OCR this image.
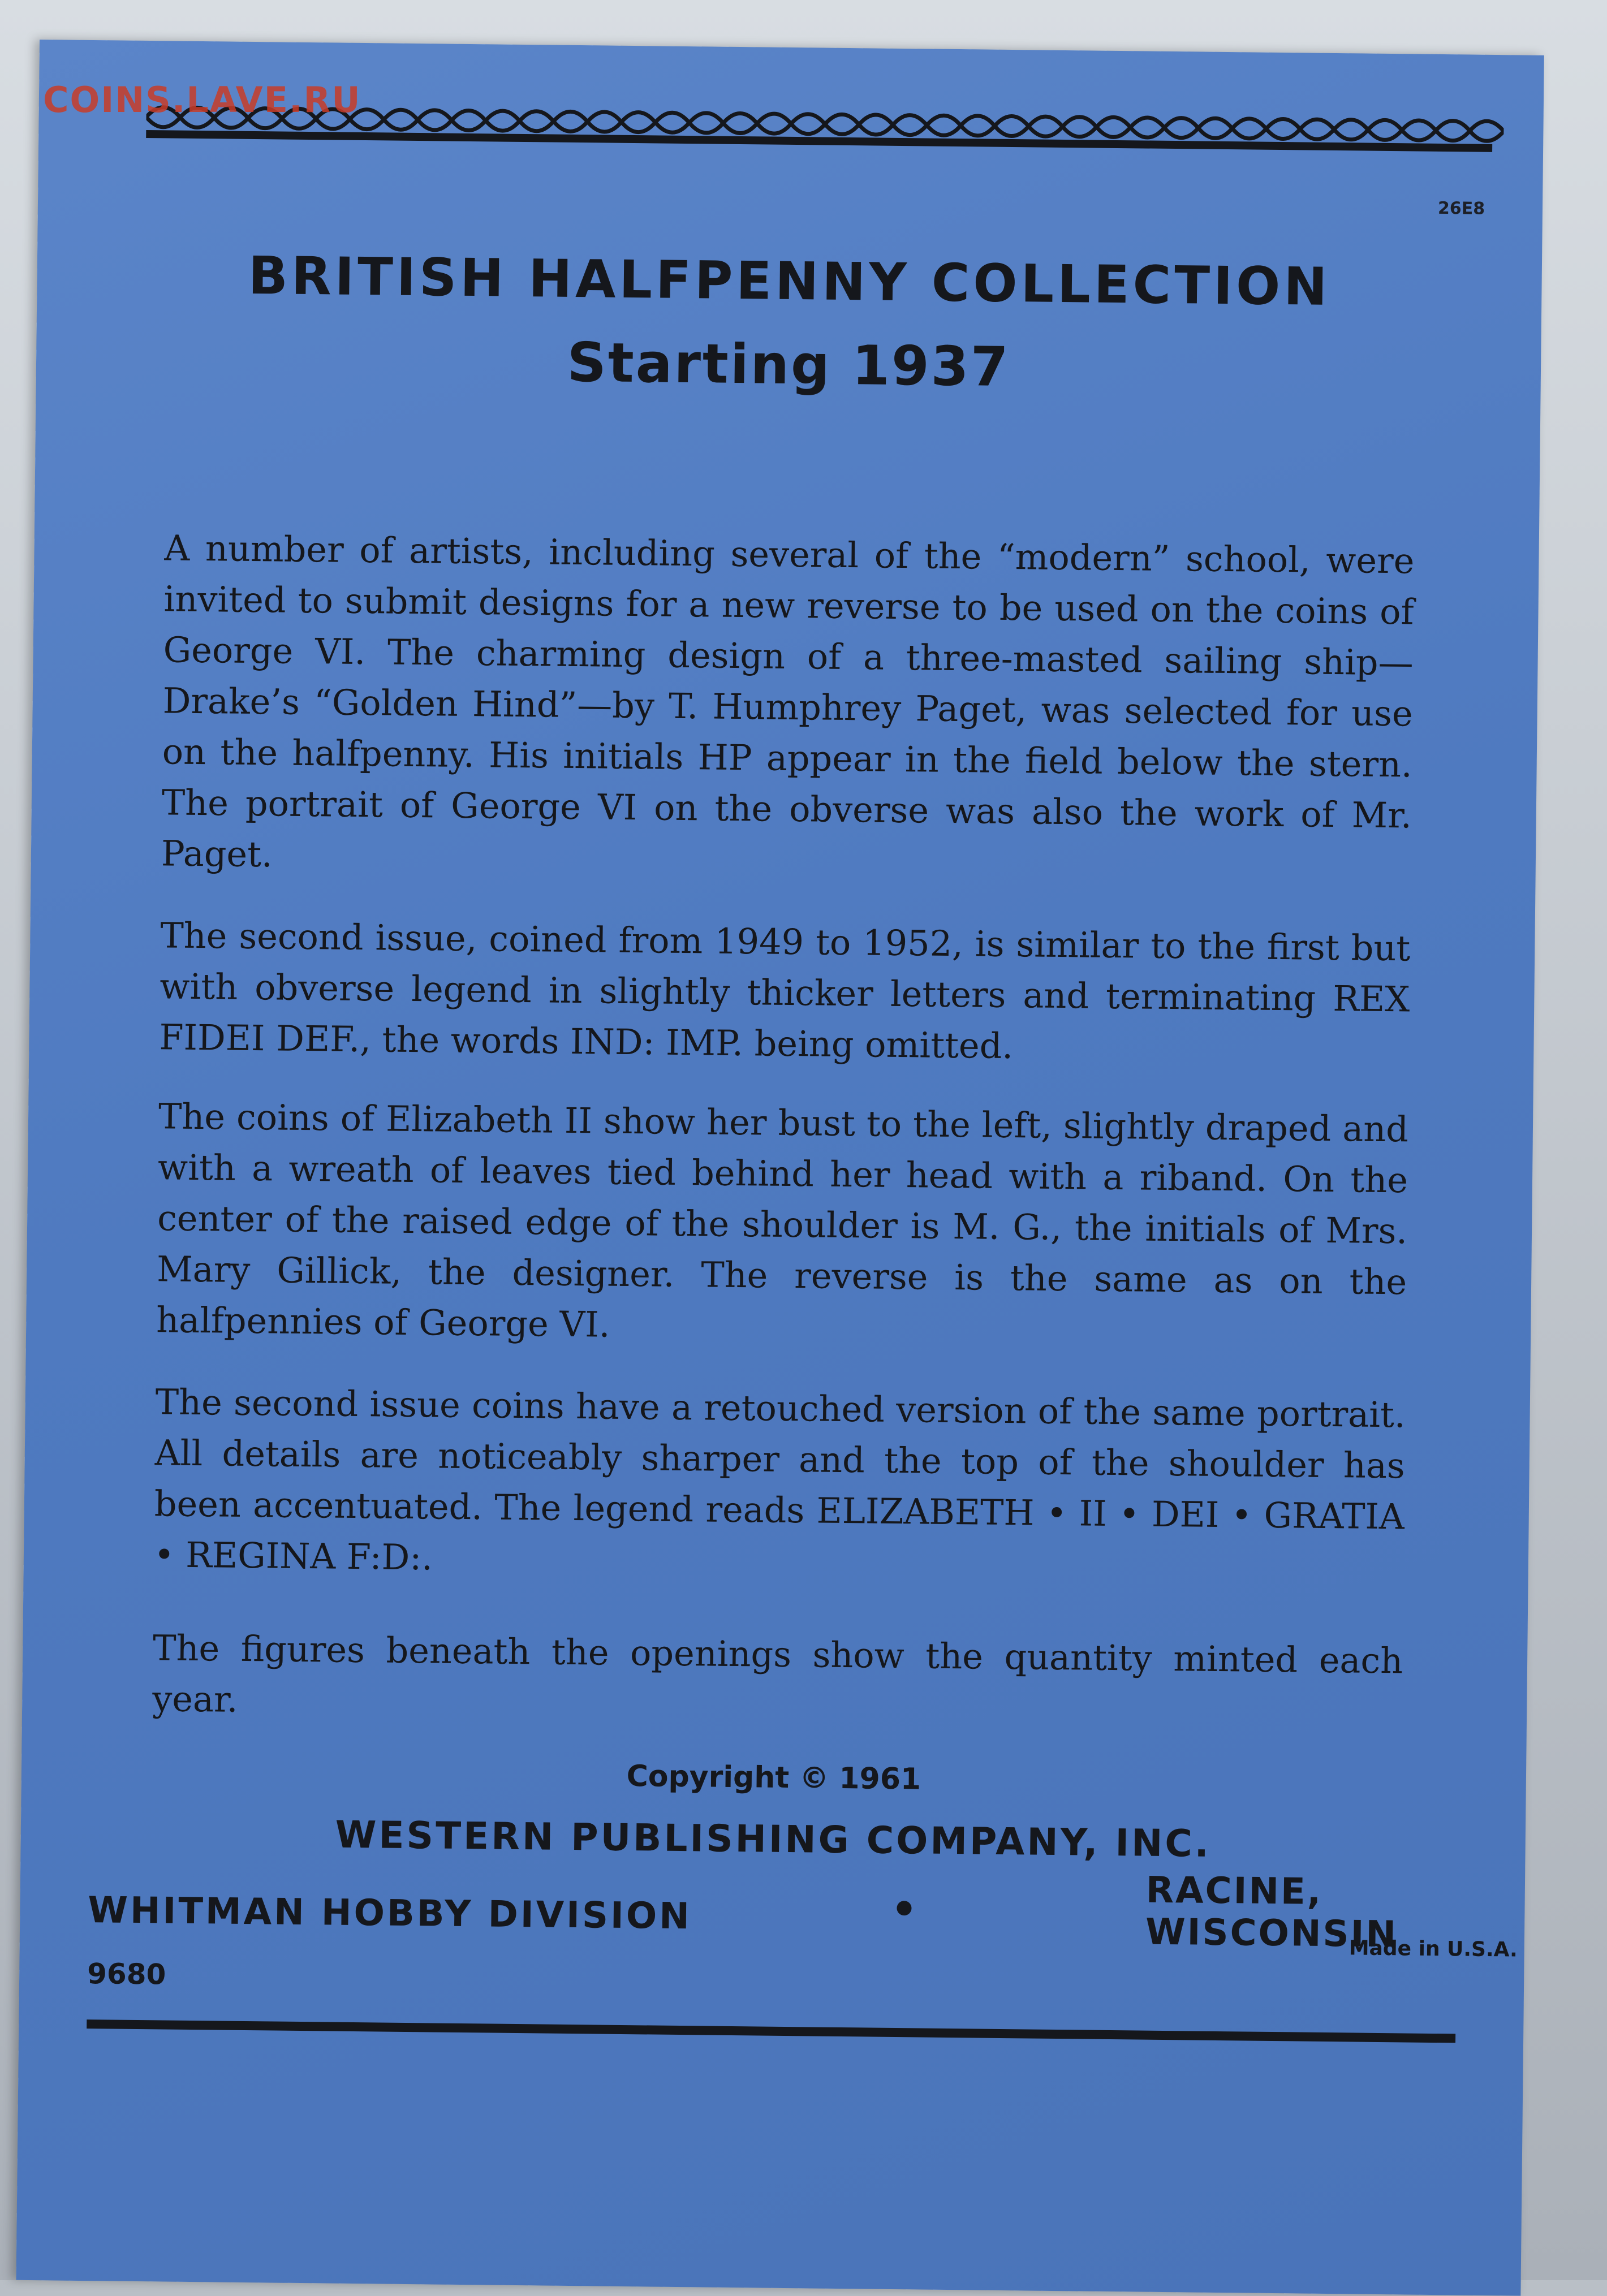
26E8
BRITISH HALFPENNY COLLECTION
Starting 1937

A number of artists, including several of the “modern” school, were invited to submit designs for a new reverse to be used on the coins of George VI. The charming design of a three-masted sailing ship—Drake’s “Golden Hind”—by T. Humphrey Paget, was selected for use on the halfpenny. His initials HP appear in the field below the stern. The portrait of George VI on the obverse was also the work of Mr. Paget.

The second issue, coined from 1949 to 1952, is similar to the first but with obverse legend in slightly thicker letters and terminating REX FIDEI DEF., the words IND: IMP. being omitted.

The coins of Elizabeth II show her bust to the left, slightly draped and with a wreath of leaves tied behind her head with a riband. On the center of the raised edge of the shoulder is M. G., the initials of Mrs. Mary Gillick, the designer. The reverse is the same as on the halfpennies of George VI.

The second issue coins have a retouched version of the same portrait. All details are noticeably sharper and the top of the shoulder has been accentuated. The legend reads ELIZABETH • II • DEI • GRATIA • REGINA F:D:.

The figures beneath the openings show the quantity minted each year.

Copyright © 1961
WESTERN PUBLISHING COMPANY, INC.
WHITMAN HOBBY DIVISION	RACINE, WISCONSIN
9680
Made in U.S.A.
COINS.LAVE.RU
